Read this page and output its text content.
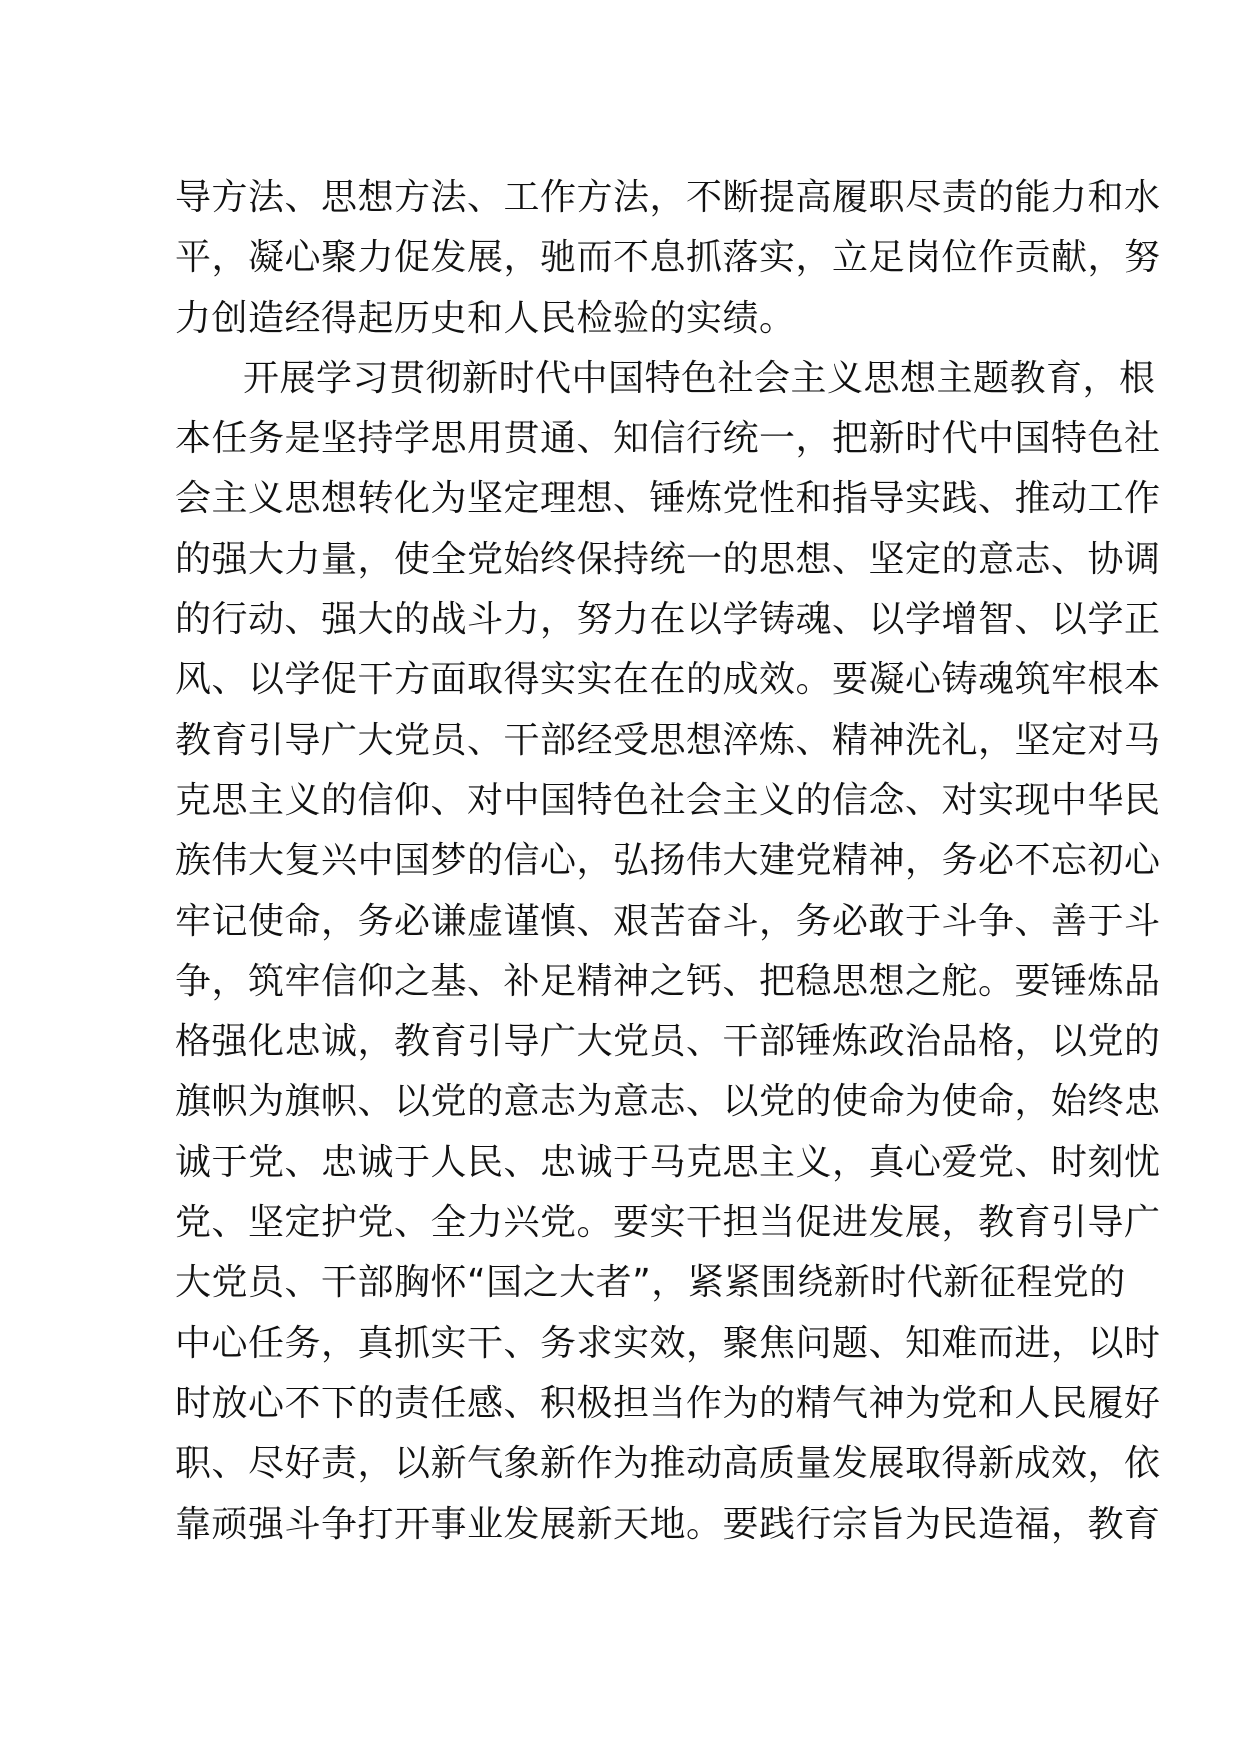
导方法、思想方法、工作方法，不断提高履职尽责的能力和水
平，凝心聚力促发展，驰而不息抓落实，立足岗位作贡献，努
力创造经得起历史和人民检验的实绩。
开展学习贯彻新时代中国特色社会主义思想主题教育，根
本任务是坚持学思用贯通、知信行统一，把新时代中国特色社
会主义思想转化为坚定理想、锤炼党性和指导实践、推动工作
的强大力量，使全党始终保持统一的思想、坚定的意志、协调
的行动、强大的战斗力，努力在以学铸魂、以学增智、以学正
风、以学促干方面取得实实在在的成效。要凝心铸魂筑牢根本
教育引导广大党员、干部经受思想淬炼、精神洗礼，坚定对马
克思主义的信仰、对中国特色社会主义的信念、对实现中华民
族伟大复兴中国梦的信心，弘扬伟大建党精神，务必不忘初心
牢记使命，务必谦虚谨慎、艰苦奋斗，务必敢于斗争、善于斗
争，筑牢信仰之基、补足精神之钙、把稳思想之舵。要锤炼品
格强化忠诚，教育引导广大党员、干部锤炼政治品格，以党的
旗帜为旗帜、以党的意志为意志、以党的使命为使命，始终忠
诚于党、忠诚于人民、忠诚于马克思主义，真心爱党、时刻忧
党、坚定护党、全力兴党。要实干担当促进发展，教育引导广
大党员、干部胸怀“国之大者”，紧紧围绕新时代新征程党的
中心任务，真抓实干、务求实效，聚焦问题、知难而进，以时
时放心不下的责任感、积极担当作为的精气神为党和人民履好
职、尽好责，以新气象新作为推动高质量发展取得新成效，依
靠顽强斗争打开事业发展新天地。要践行宗旨为民造福，教育
